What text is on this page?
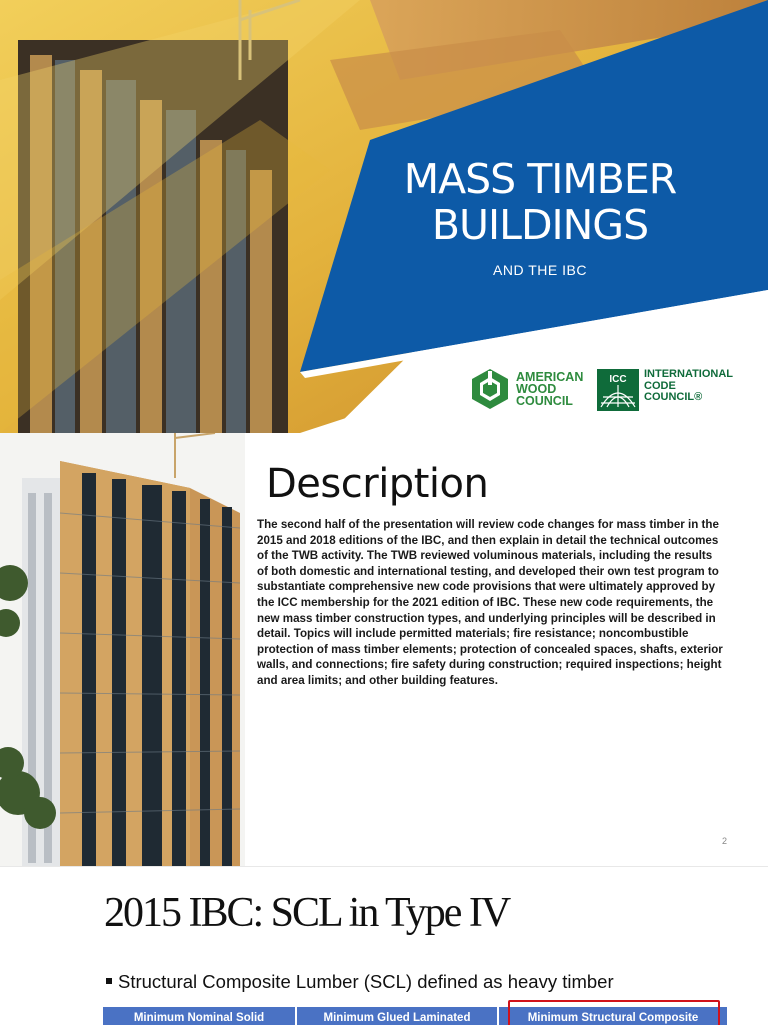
MASS TIMBER
BUILDINGS
AND THE IBC
AMERICAN
WOOD
COUNCIL
ICC INTERNATIONAL
CODE
COUNCIL®
Description
The second half of the presentation will review code changes for mass timber in the 2015 and 2018 editions of the IBC, and then explain in detail the technical outcomes of the TWB activity. The TWB reviewed voluminous materials, including the results of both domestic and international testing, and developed their own test program to substantiate comprehensive new code provisions that were ultimately approved by the ICC membership for the 2021 edition of IBC. These new code requirements, the new mass timber construction types, and underlying principles will be described in detail. Topics will include permitted materials; fire resistance; noncombustible protection of mass timber elements; protection of concealed spaces, shafts, exterior walls, and connections; fire safety during construction; required inspections; height and area limits; and other building features.
2
2015 IBC: SCL in Type IV
Structural Composite Lumber (SCL) defined as heavy timber
Minimum Nominal Solid	Minimum Glued Laminated	Minimum Structural Composite
